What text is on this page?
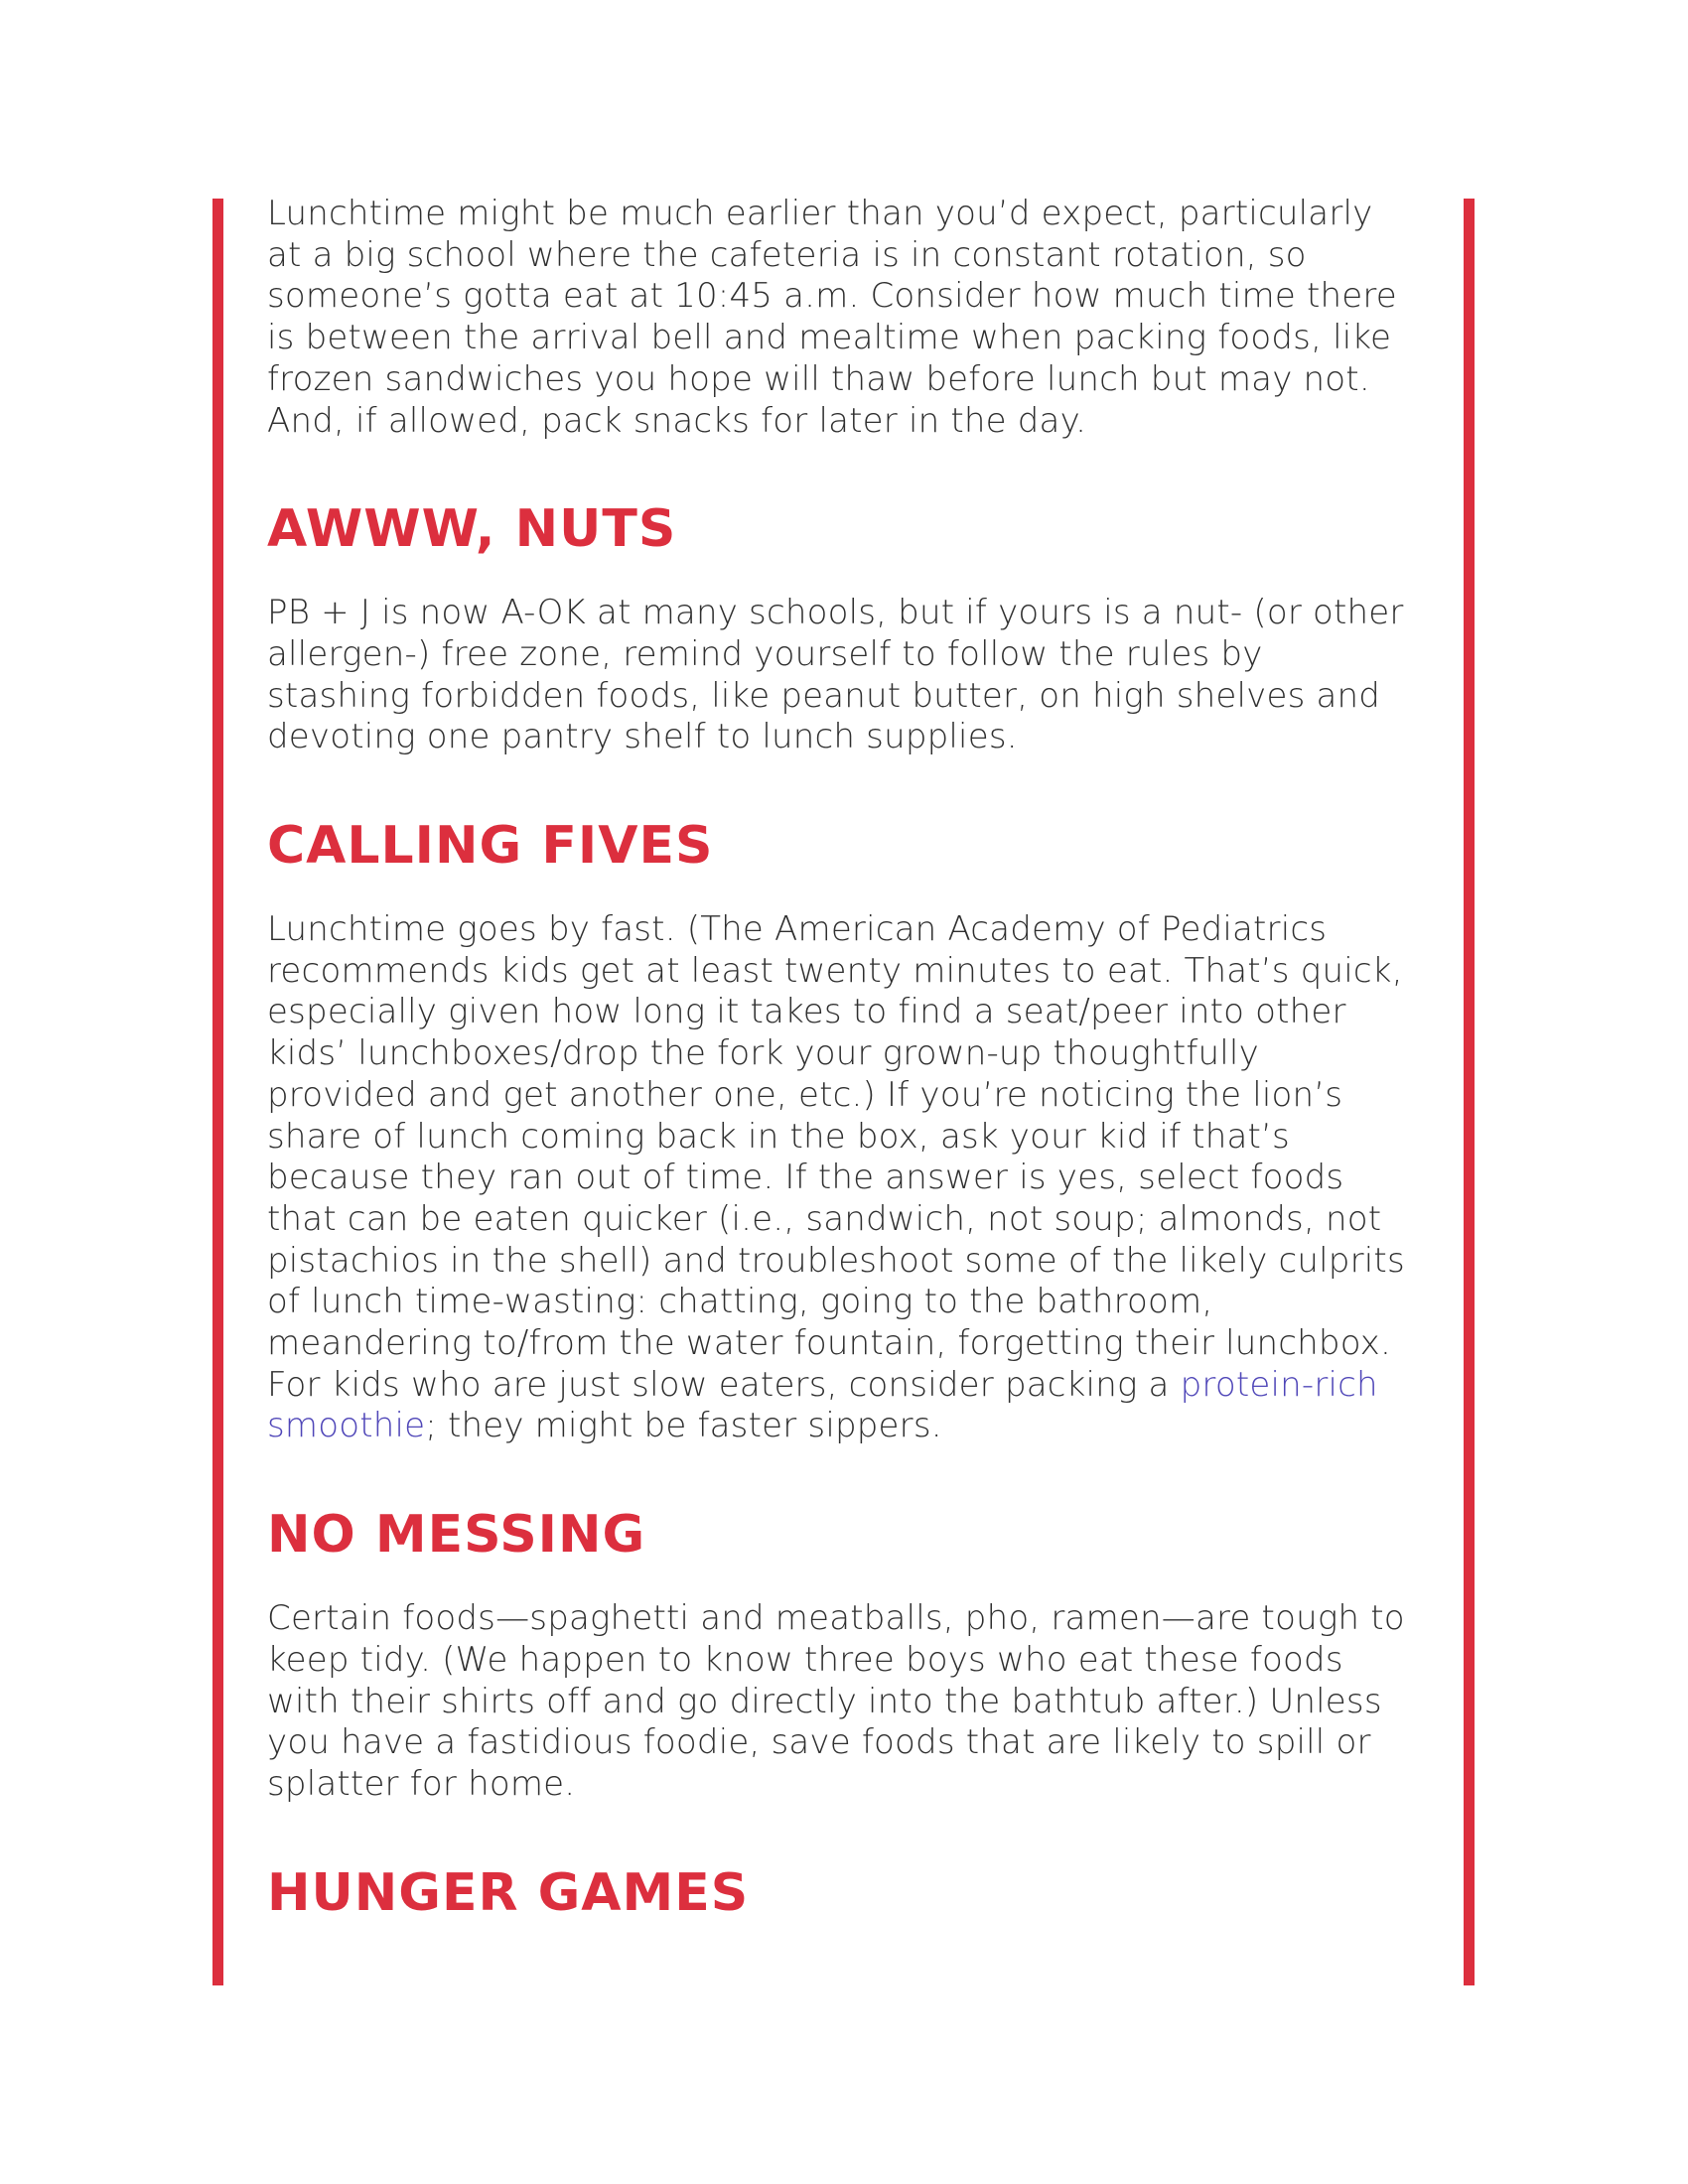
Lunchtime might be much earlier than you’d expect, particularly at a big school where the cafeteria is in constant rotation, so someone’s gotta eat at 10:45 a.m. Consider how much time there is between the arrival bell and mealtime when packing foods, like frozen sandwiches you hope will thaw before lunch but may not. And, if allowed, pack snacks for later in the day.

AWWW, NUTS

PB + J is now A-OK at many schools, but if yours is a nut- (or other allergen-) free zone, remind yourself to follow the rules by stashing forbidden foods, like peanut butter, on high shelves and devoting one pantry shelf to lunch supplies.

CALLING FIVES

Lunchtime goes by fast. (The American Academy of Pediatrics recommends kids get at least twenty minutes to eat. That’s quick, especially given how long it takes to find a seat/peer into other kids’ lunchboxes/drop the fork your grown-up thoughtfully provided and get another one, etc.) If you’re noticing the lion’s share of lunch coming back in the box, ask your kid if that’s because they ran out of time. If the answer is yes, select foods that can be eaten quicker (i.e., sandwich, not soup; almonds, not pistachios in the shell) and troubleshoot some of the likely culprits of lunch time-wasting: chatting, going to the bathroom, meandering to/from the water fountain, forgetting their lunchbox. For kids who are just slow eaters, consider packing a protein-rich smoothie; they might be faster sippers.

NO MESSING

Certain foods—spaghetti and meatballs, pho, ramen—are tough to keep tidy. (We happen to know three boys who eat these foods with their shirts off and go directly into the bathtub after.) Unless you have a fastidious foodie, save foods that are likely to spill or splatter for home.

HUNGER GAMES
